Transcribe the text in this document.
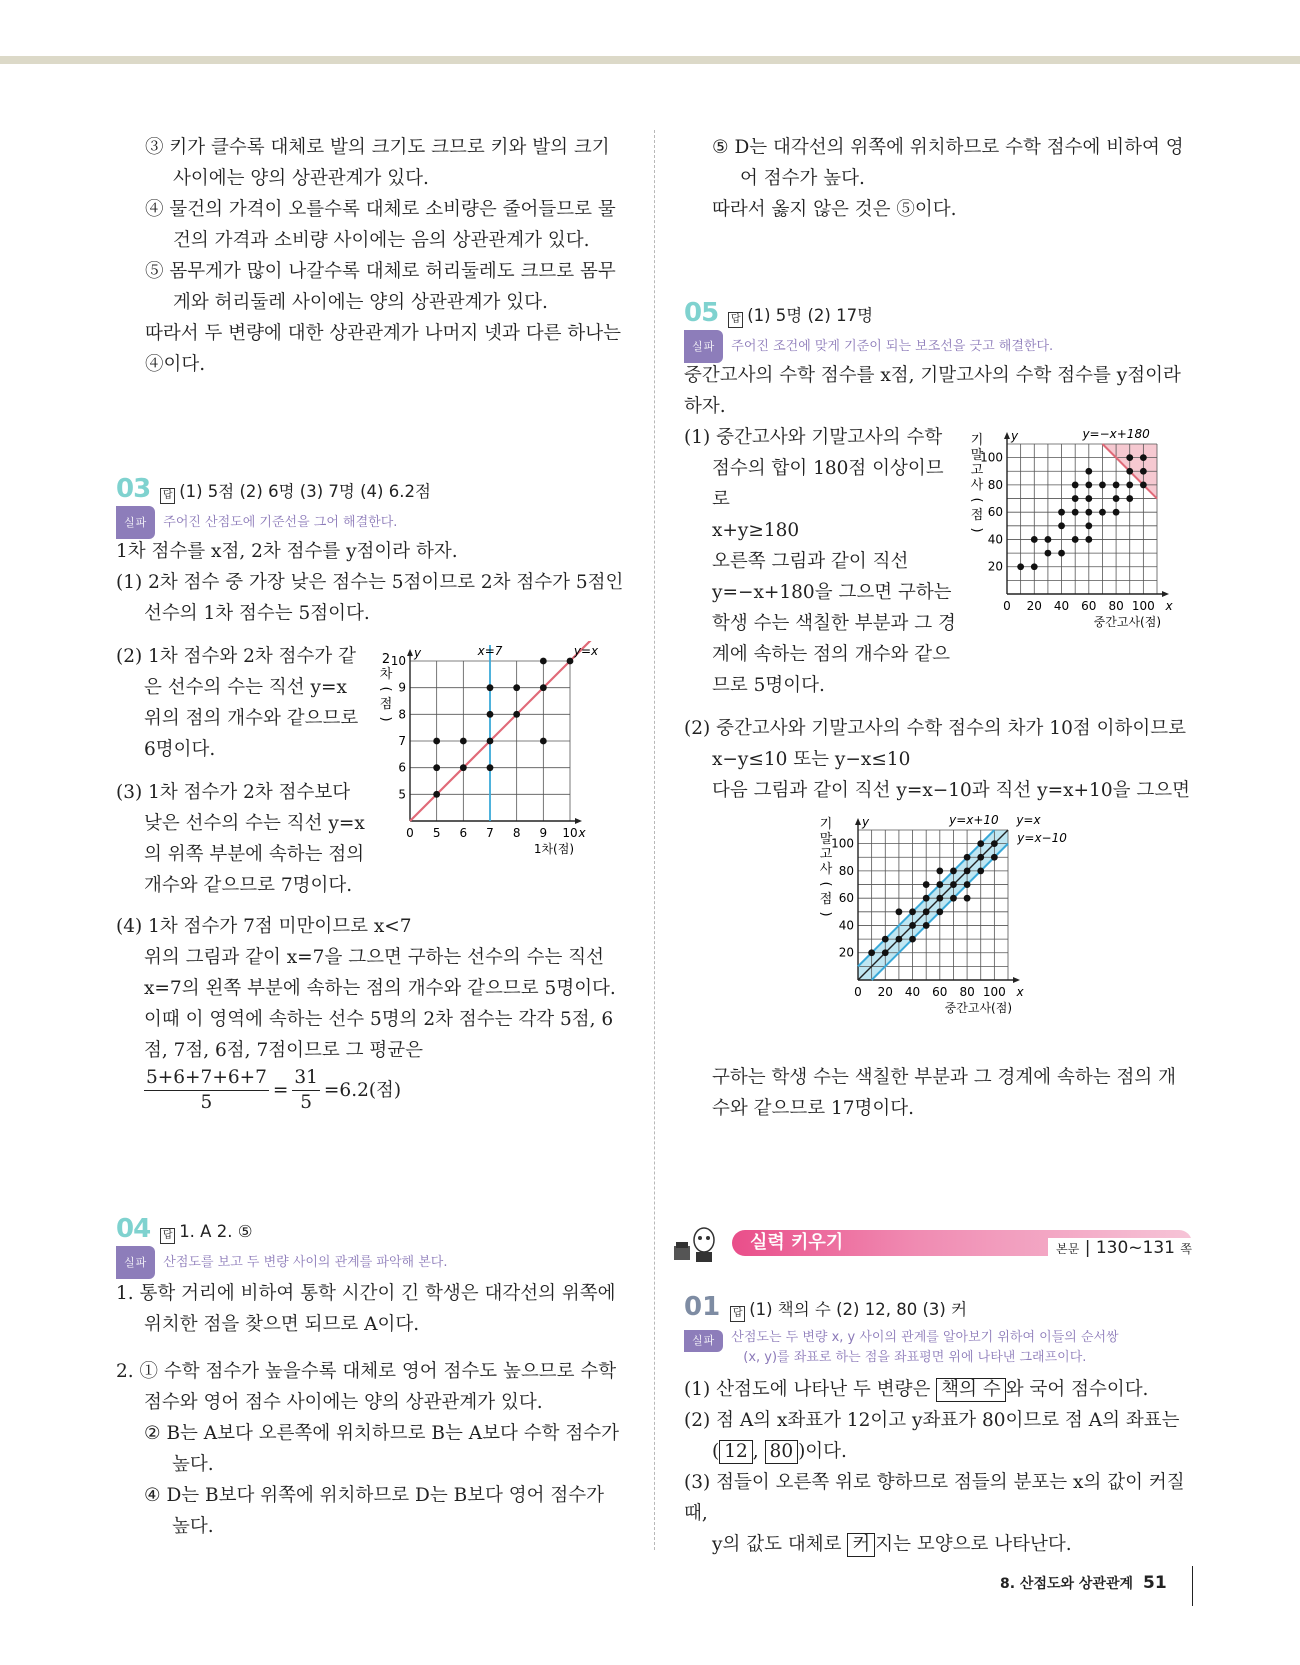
③ 키가 클수록 대체로 발의 크기도 크므로 키와 발의 크기 사이에는 양의 상관관계가 있다.

④ 물건의 가격이 오를수록 대체로 소비량은 줄어들므로 물건의 가격과 소비량 사이에는 음의 상관관계가 있다.

⑤ 몸무게가 많이 나갈수록 대체로 허리둘레도 크므로 몸무게와 허리둘레 사이에는 양의 상관관계가 있다.

따라서 두 변량에 대한 상관관계가 나머지 넷과 다른 하나는 ④이다.

03 답 (1) 5점 (2) 6명 (3) 7명 (4) 6.2점
실파	주어진 산점도에 기준선을 그어 해결한다.

1차 점수를 x점, 2차 점수를 y점이라 하자.

(1) 2차 점수 중 가장 낮은 점수는 5점이므로 2차 점수가 5점인 선수의 1차 점수는 5점이다.

(2) 1차 점수와 2차 점수가 같은 선수의 수는 직선 y=x 위의 점의 개수와 같으므로 6명이다.

(3) 1차 점수가 2차 점수보다 낮은 선수의 수는 직선 y=x의 위쪽 부분에 속하는 점의 개수와 같으므로 7명이다.

y=x
x=7
0 5 6 7 8 9 10
5
6
7
8
9
10
x
y
1차(점)
2
차
(
점
)

(4) 1차 점수가 7점 미만이므로 x<7

위의 그림과 같이 x=7을 그으면 구하는 선수의 수는 직선 x=7의 왼쪽 부분에 속하는 점의 개수와 같으므로 5명이다.

이때 이 영역에 속하는 선수 5명의 2차 점수는 각각 5점, 6점, 7점, 6점, 7점이므로 그 평균은

$\frac{5+6+7+6+7}{5} = \frac{31}{5} =6.2$(점)
04 답 1. A 2. ⑤
실파	산점도를 보고 두 변량 사이의 관계를 파악해 본다.

1. 통학 거리에 비하여 통학 시간이 긴 학생은 대각선의 위쪽에 위치한 점을 찾으면 되므로 A이다.

2. ① 수학 점수가 높을수록 대체로 영어 점수도 높으므로 수학 점수와 영어 점수 사이에는 양의 상관관계가 있다.

② B는 A보다 오른쪽에 위치하므로 B는 A보다 수학 점수가 높다.

④ D는 B보다 위쪽에 위치하므로 D는 B보다 영어 점수가 높다.

⑤ D는 대각선의 위쪽에 위치하므로 수학 점수에 비하여 영어 점수가 높다.

따라서 옳지 않은 것은 ⑤이다.

05 답 (1) 5명 (2) 17명
실파	주어진 조건에 맞게 기준이 되는 보조선을 긋고 해결한다.

중간고사의 수학 점수를 x점, 기말고사의 수학 점수를 y점이라 하자.

(1) 중간고사와 기말고사의 수학

점수의 합이 180점 이상이므로

x+y≥180

오른쪽 그림과 같이 직선

y=−x+180을 그으면 구하는

학생 수는 색칠한 부분과 그 경

계에 속하는 점의 개수와 같으

므로 5명이다.

y=−x+180
0 20 40 60 80 100
20
40
60
80
100
x
y
중간고사(점)
기
말
고
사
(
점
)

(2) 중간고사와 기말고사의 수학 점수의 차가 10점 이하이므로

x−y≤10 또는 y−x≤10

다음 그림과 같이 직선 y=x−10과 직선 y=x+10을 그으면

y=x+10 y=x
y=x−10
0 20 40 60 80 100
20
40
60
80
100
x
y
중간고사(점)
기
말
고
사
(
점
)

구하는 학생 수는 색칠한 부분과 그 경계에 속하는 점의 개수와 같으므로 17명이다.

실력 키우기	본문 | 130~131 쪽
01 답 (1) 책의 수 (2) 12, 80 (3) 커
실파	산점도는 두 변량 x, y 사이의 관계를 알아보기 위하여 이들의 순서쌍
(x, y)를 좌표로 하는 점을 좌표평면 위에 나타낸 그래프이다.

(1) 산점도에 나타난 두 변량은 책의 수 와 국어 점수이다.

(2) 점 A의 x좌표가 12이고 y좌표가 80이므로 점 A의 좌표는

( 12 , 80 )이다.

(3) 점들이 오른쪽 위로 향하므로 점들의 분포는 x의 값이 커질 때,

y의 값도 대체로 커 지는 모양으로 나타난다.

8. 산점도와 상관관계 51
